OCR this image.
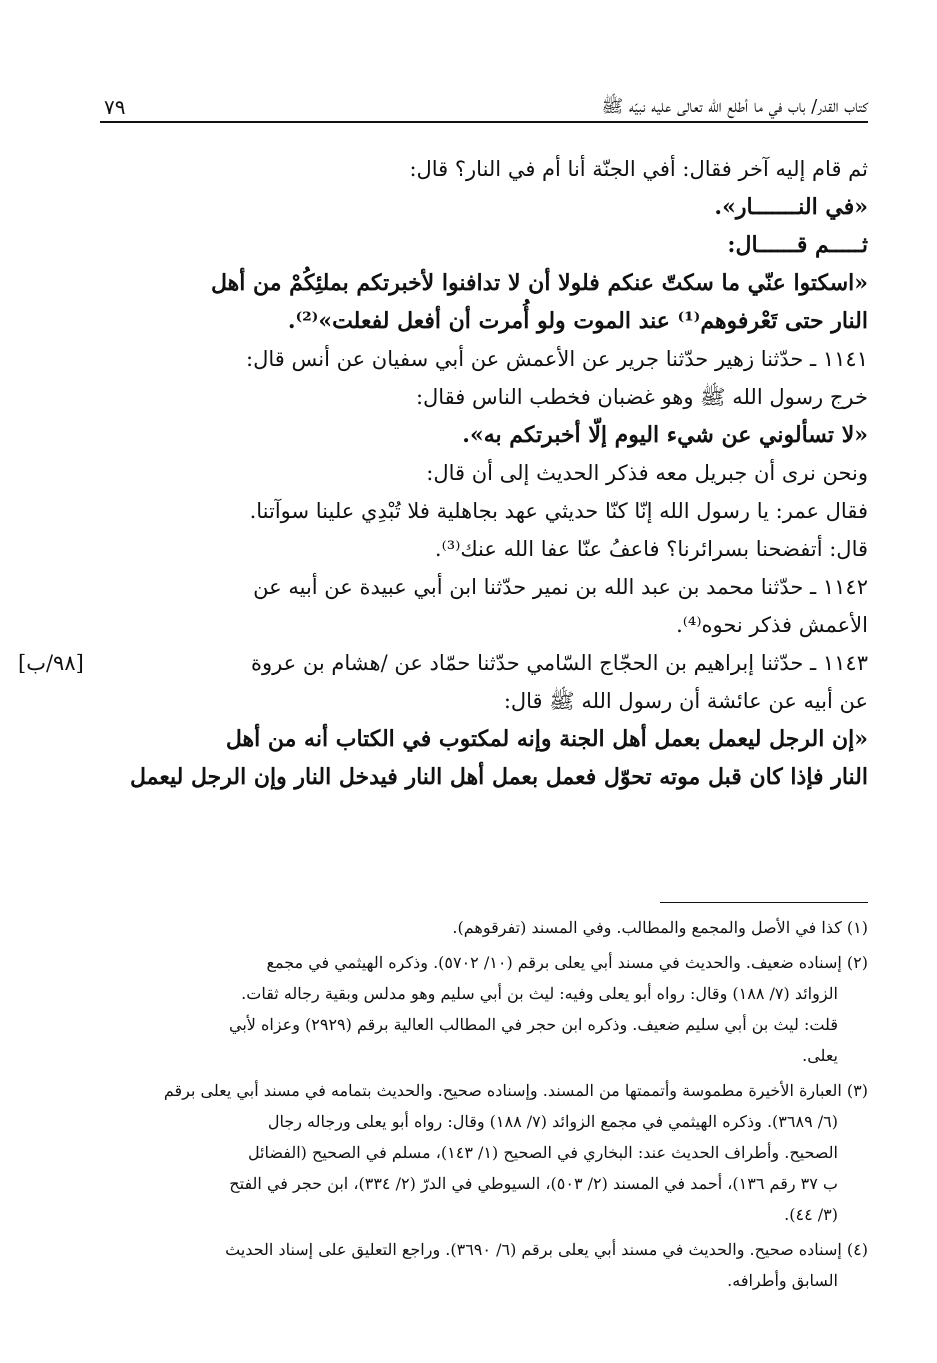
كتاب القدر/ باب في ما أطلع الله تعالى عليه نبيّه ﷺ
٧٩
ثم قام إليه آخر فقال: أفي الجنّة أنا أم في النار؟ قال:
«في النـــــــار».
ثـــــم قــــــال:
«اسكتوا عنّي ما سكتّ عنكم فلولا أن لا تدافنوا لأخبرتكم بملئِكُمْ من أهل
النار حتى تَعْرفوهم⁽¹⁾ عند الموت ولو أُمرت أن أفعل لفعلت»⁽²⁾.
١١٤١ ـ حدّثنا زهير حدّثنا جرير عن الأعمش عن أبي سفيان عن أنس قال:
خرج رسول الله ﷺ وهو غضبان فخطب الناس فقال:
«لا تسألوني عن شيء اليوم إلّا أخبرتكم به».
ونحن نرى أن جبريل معه فذكر الحديث إلى أن قال:
فقال عمر: يا رسول الله إنّا كنّا حديثي عهد بجاهلية فلا تُبْدِي علينا سوآتنا.
قال: أتفضحنا بسرائرنا؟ فاعفُ عنّا عفا الله عنك⁽³⁾.
١١٤٢ ـ حدّثنا محمد بن عبد الله بن نمير حدّثنا ابن أبي عبيدة عن أبيه عن
الأعمش فذكر نحوه⁽⁴⁾.
١١٤٣ ـ حدّثنا إبراهيم بن الحجّاج السّامي حدّثنا حمّاد عن /هشام بن عروة
[٩٨/ب]
عن أبيه عن عائشة أن رسول الله ﷺ قال:
«إن الرجل ليعمل بعمل أهل الجنة وإنه لمكتوب في الكتاب أنه من أهل
النار فإذا كان قبل موته تحوّل فعمل بعمل أهل النار فيدخل النار وإن الرجل ليعمل
(١) كذا في الأصل والمجمع والمطالب. وفي المسند (تفرقوهم).
(٢) إسناده ضعيف. والحديث في مسند أبي يعلى برقم (١٠/ ٥٧٠٢). وذكره الهيثمي في مجمع
الزوائد (٧/ ١٨٨) وقال: رواه أبو يعلى وفيه: ليث بن أبي سليم وهو مدلس وبقية رجاله ثقات.
قلت: ليث بن أبي سليم ضعيف. وذكره ابن حجر في المطالب العالية برقم (٢٩٢٩) وعزاه لأبي
يعلى.
(٣) العبارة الأخيرة مطموسة وأتممتها من المسند. وإسناده صحيح. والحديث بتمامه في مسند أبي يعلى برقم
(٦/ ٣٦٨٩). وذكره الهيثمي في مجمع الزوائد (٧/ ١٨٨) وقال: رواه أبو يعلى ورجاله رجال
الصحيح. وأطراف الحديث عند: البخاري في الصحيح (١/ ١٤٣)، مسلم في الصحيح (الفضائل
ب ٣٧ رقم ١٣٦)، أحمد في المسند (٢/ ٥٠٣)، السيوطي في الدرّ (٢/ ٣٣٤)، ابن حجر في الفتح
(٣/ ٤٤).
(٤) إسناده صحيح. والحديث في مسند أبي يعلى برقم (٦/ ٣٦٩٠). وراجع التعليق على إسناد الحديث
السابق وأطرافه.
